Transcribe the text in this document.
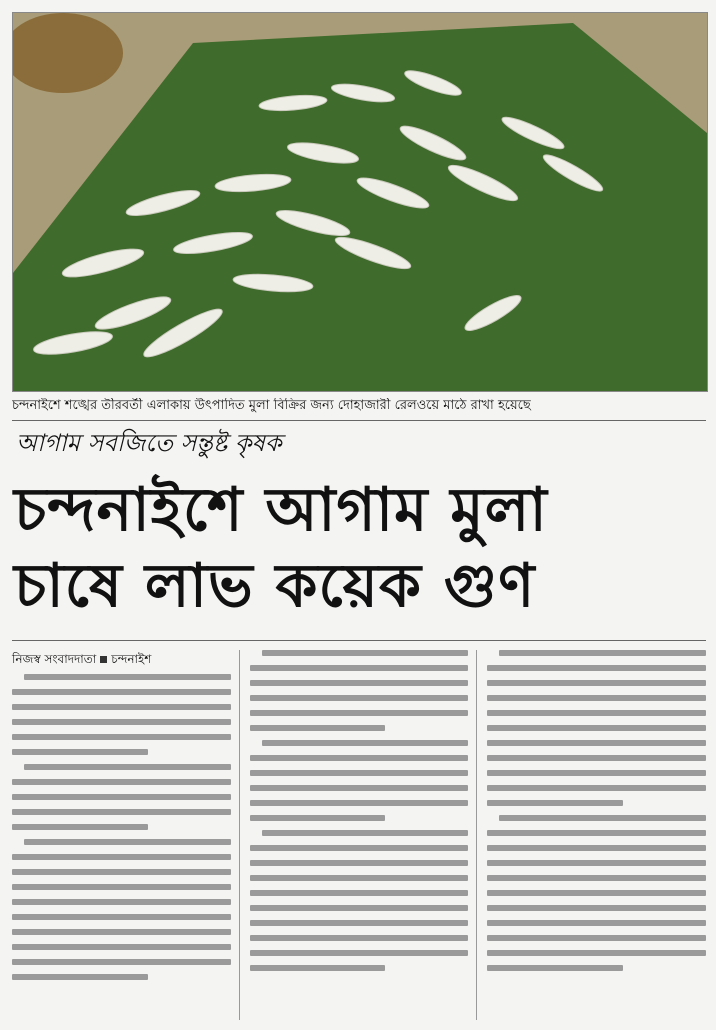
চন্দনাইশে শঙ্খের তীরবর্তী এলাকায় উৎপাদিত মুলা বিক্রির জন্য দোহাজারী রেলওয়ে মাঠে রাখা হয়েছে
আগাম সবজিতে সন্তুষ্ট কৃষক
চন্দনাইশে আগাম মুলা
চাষে লাভ কয়েক গুণ
নিজস্ব সংবাদদাতা চন্দনাইশ
